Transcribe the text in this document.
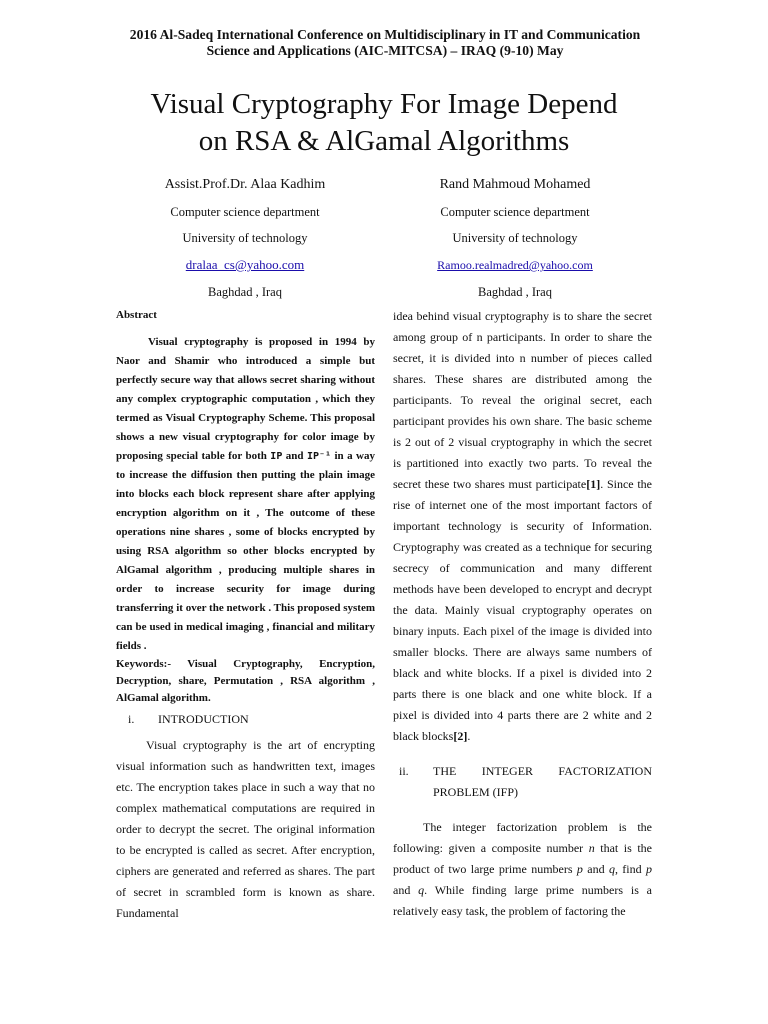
2016 Al-Sadeq International Conference on Multidisciplinary in IT and Communication
Science and Applications (AIC-MITCSA) – IRAQ (9-10) May
Visual Cryptography For Image Depend
on RSA & AlGamal Algorithms
Assist.Prof.Dr. Alaa Kadhim
Computer science department
University of technology
dralaa_cs@yahoo.com
Baghdad , Iraq
Rand Mahmoud Mohamed
Computer science department
University of technology
Ramoo.realmadred@yahoo.com
Baghdad , Iraq
Abstract

Visual cryptography is proposed in 1994 by Naor and Shamir who introduced a simple but perfectly secure way that allows secret sharing without any complex cryptographic computation , which they termed as Visual Cryptography Scheme. This proposal shows a new visual cryptography for color image by proposing special table for both IP and IP⁻¹ in a way to increase the diffusion then putting the plain image into blocks each block represent share after applying encryption algorithm on it , The outcome of these operations nine shares , some of blocks encrypted by using RSA algorithm so other blocks encrypted by AlGamal algorithm , producing multiple shares in order to increase security for image during transferring it over the network . This proposed system can be used in medical imaging , financial and military fields .

Keywords:- Visual Cryptography, Encryption, Decryption, share, Permutation , RSA algorithm , AlGamal algorithm.

i.	INTRODUCTION

Visual cryptography is the art of encrypting visual information such as handwritten text, images etc. The encryption takes place in such a way that no complex mathematical computations are required in order to decrypt the secret. The original information to be encrypted is called as secret. After encryption, ciphers are generated and referred as shares. The part of secret in scrambled form is known as share. Fundamental

idea behind visual cryptography is to share the secret among group of n participants. In order to share the secret, it is divided into n number of pieces called shares. These shares are distributed among the participants. To reveal the original secret, each participant provides his own share. The basic scheme is 2 out of 2 visual cryptography in which the secret is partitioned into exactly two parts. To reveal the secret these two shares must participate[1]. Since the rise of internet one of the most important factors of important technology is security of Information. Cryptography was created as a technique for securing secrecy of communication and many different methods have been developed to encrypt and decrypt the data. Mainly visual cryptography operates on binary inputs. Each pixel of the image is divided into smaller blocks. There are always same numbers of black and white blocks. If a pixel is divided into 2 parts there is one black and one white block. If a pixel is divided into 4 parts there are 2 white and 2 black blocks[2].

ii.	THE INTEGER FACTORIZATION PROBLEM (IFP)

The integer factorization problem is the following: given a composite number n that is the product of two large prime numbers p and q, find p and q. While finding large prime numbers is a relatively easy task, the problem of factoring the
